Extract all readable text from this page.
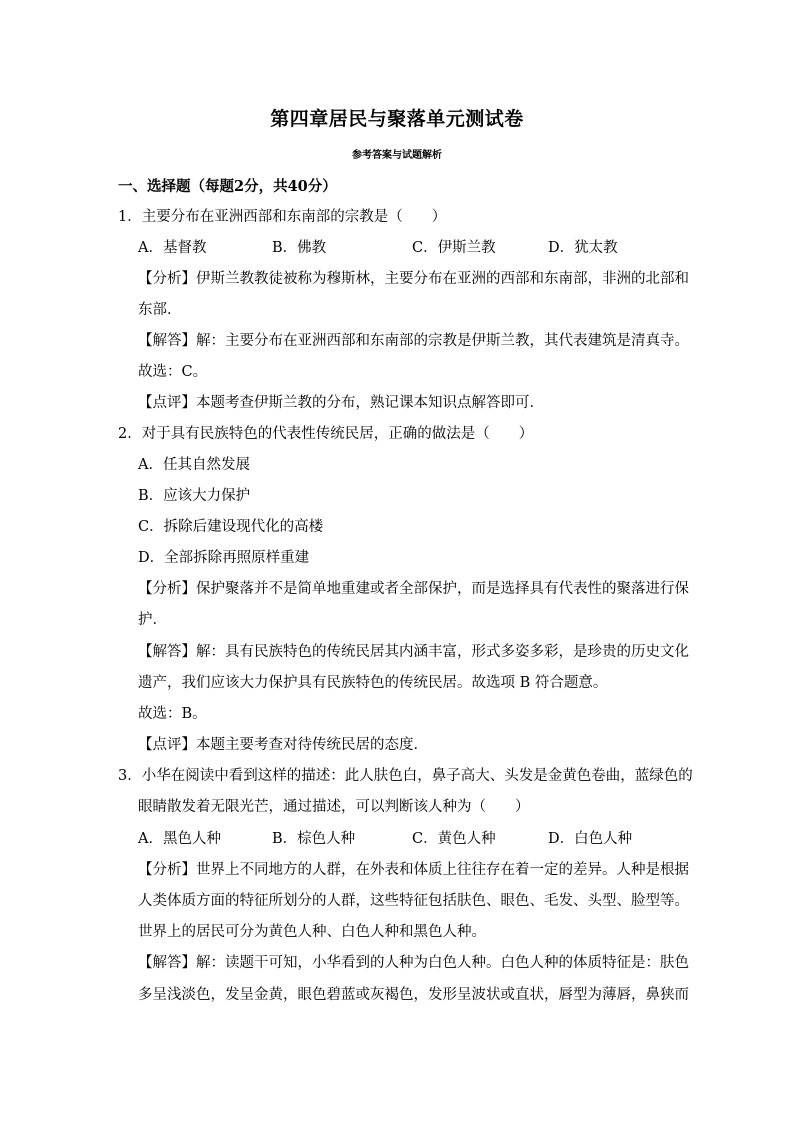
第四章居民与聚落单元测试卷
参考答案与试题解析
一、选择题（每题2分，共40分）
1．主要分布在亚洲西部和东南部的宗教是（　　）
A．基督教	B．佛教	C．伊斯兰教	D．犹太教
【分析】伊斯兰教教徒被称为穆斯林，主要分布在亚洲的西部和东南部，非洲的北部和
东部．
【解答】解：主要分布在亚洲西部和东南部的宗教是伊斯兰教，其代表建筑是清真寺。
故选：C。
【点评】本题考查伊斯兰教的分布，熟记课本知识点解答即可．
2．对于具有民族特色的代表性传统民居，正确的做法是（　　）
A．任其自然发展
B．应该大力保护
C．拆除后建设现代化的高楼
D．全部拆除再照原样重建
【分析】保护聚落并不是简单地重建或者全部保护，而是选择具有代表性的聚落进行保
护．
【解答】解：具有民族特色的传统民居其内涵丰富，形式多姿多彩，是珍贵的历史文化
遗产，我们应该大力保护具有民族特色的传统民居。故选项 B 符合题意。
故选：B。
【点评】本题主要考查对待传统民居的态度．
3．小华在阅读中看到这样的描述：此人肤色白，鼻子高大、头发是金黄色卷曲，蓝绿色的
眼睛散发着无限光芒，通过描述，可以判断该人种为（　　）
A．黑色人种	B．棕色人种	C．黄色人种	D．白色人种
【分析】世界上不同地方的人群，在外表和体质上往往存在着一定的差异。人种是根据
人类体质方面的特征所划分的人群，这些特征包括肤色、眼色、毛发、头型、脸型等。
世界上的居民可分为黄色人种、白色人种和黑色人种。
【解答】解：读题干可知，小华看到的人种为白色人种。白色人种的体质特征是：肤色
多呈浅淡色，发呈金黄，眼色碧蓝或灰褐色，发形呈波状或直状，唇型为薄唇，鼻狭而
